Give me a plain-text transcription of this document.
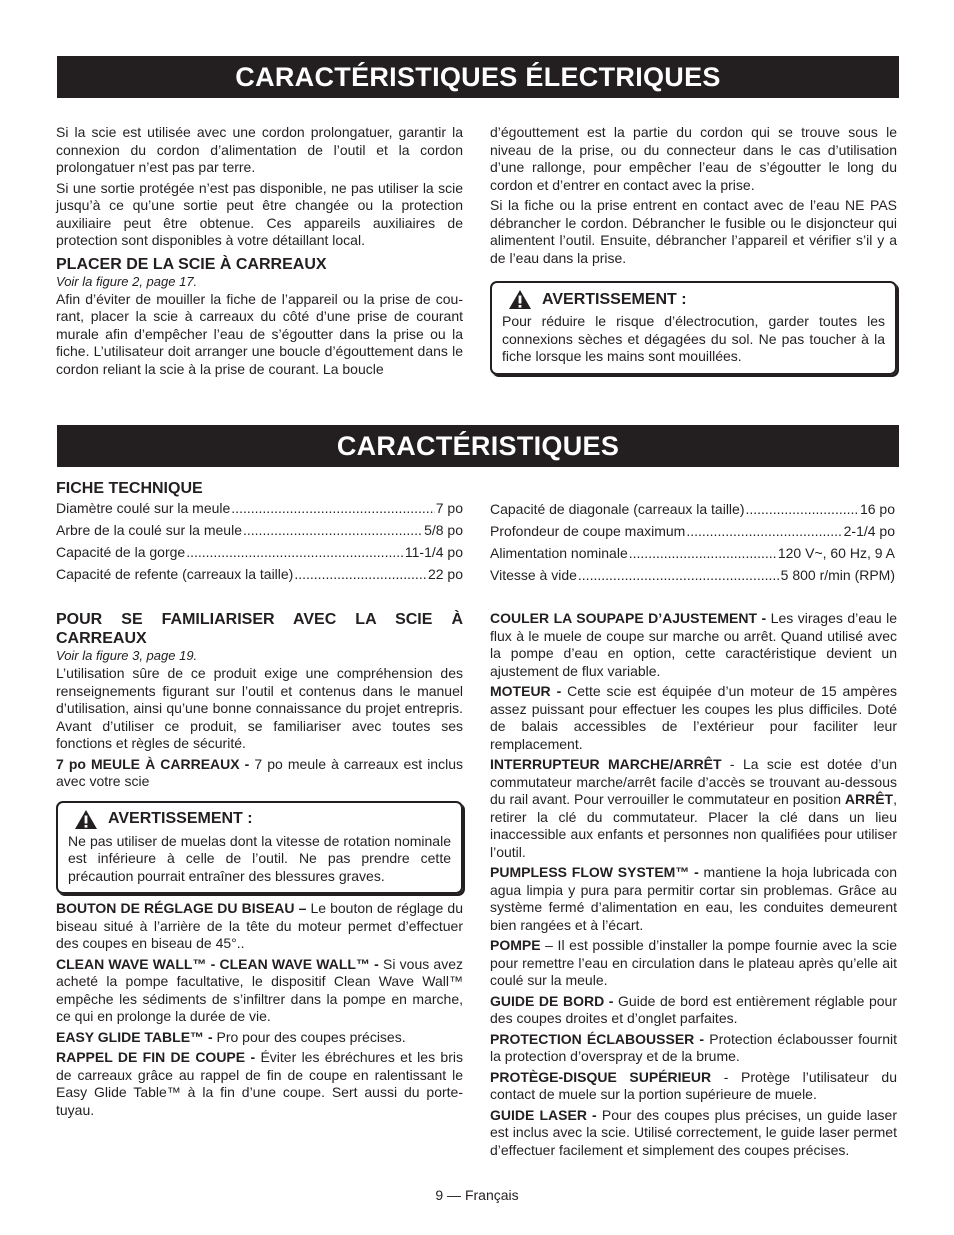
CARACTÉRISTIQUES ÉLECTRIQUES

Si la scie est utilisée avec une cordon prolongatuer, garantir la connexion du cordon d’alimentation de l’outil et la cordon prolongatuer n’est pas par terre.

Si une sortie protégée n’est pas disponible, ne pas utiliser la scie jusqu’à ce qu’une sortie peut être changée ou la protection auxiliaire peut être obtenue. Ces appareils auxiliaires de protection sont disponibles à votre détaillant local.

PLACER DE LA SCIE À CARREAUX
Voir la figure 2, page 17.

Afin d’éviter de mouiller la fiche de l’appareil ou la prise de cou-rant, placer la scie à carreaux du côté d’une prise de courant murale afin d’empêcher l’eau de s’égoutter dans la prise ou la fiche. L’utilisateur doit arranger une boucle d’égouttement dans le cordon reliant la scie à la prise de courant. La boucle

d’égouttement est la partie du cordon qui se trouve sous le niveau de la prise, ou du connecteur dans le cas d’utilisation d’une rallonge, pour empêcher l’eau de s’égoutter le long du cordon et d’entrer en contact avec la prise.

Si la fiche ou la prise entrent en contact avec de l’eau NE PAS débrancher le cordon. Débrancher le fusible ou le disjoncteur qui alimentent l’outil. Ensuite, débrancher l’appareil et vérifier s’il y a de l’eau dans la prise.

AVERTISSEMENT :

Pour réduire le risque d’électrocution, garder toutes les connexions sèches et dégagées du sol. Ne pas toucher à la fiche lorsque les mains sont mouillées.

CARACTÉRISTIQUES
FICHE TECHNIQUE
Diamètre coulé sur la meule .....	7 po
Arbre de la coulé sur la meule .....	5/8 po
Capacité de la gorge .....	11-1/4 po
Capacité de refente (carreaux la taille) .....	22 po
Capacité de diagonale (carreaux la taille) .....	16 po
Profondeur de coupe maximum .....	2-1/4 po
Alimentation nominale .....	120 V~, 60 Hz, 9 A
Vitesse à vide .....	5 800 r/min (RPM)
POUR SE FAMILIARISER AVEC LA SCIE À CARREAUX
Voir la figure 3, page 19.

L’utilisation sûre de ce produit exige une compréhension des renseignements figurant sur l’outil et contenus dans le manuel d’utilisation, ainsi qu’une bonne connaissance du projet entrepris. Avant d’utiliser ce produit, se familiariser avec toutes ses fonctions et règles de sécurité.

7 po MEULE À CARREAUX - 7 po meule à carreaux est inclus avec votre scie

AVERTISSEMENT :

Ne pas utiliser de muelas dont la vitesse de rotation nominale est inférieure à celle de l’outil. Ne pas prendre cette précaution pourrait entraîner des blessures graves.

BOUTON DE RÉGLAGE DU BISEAU – Le bouton de réglage du biseau situé à l’arrière de la tête du moteur permet d’effectuer des coupes en biseau de 45°..

CLEAN WAVE WALL™ - CLEAN WAVE WALL™ - Si vous avez acheté la pompe facultative, le dispositif Clean Wave Wall™ empêche les sédiments de s’infiltrer dans la pompe en marche, ce qui en prolonge la durée de vie.

EASY GLIDE TABLE™ - Pro pour des coupes précises.

RAPPEL DE FIN DE COUPE - Éviter les ébréchures et les bris de carreaux grâce au rappel de fin de coupe en ralentissant le Easy Glide Table™ à la fin d’une coupe. Sert aussi du porte-tuyau.

COULER LA SOUPAPE D’AJUSTEMENT - Les virages d’eau le flux à le muele de coupe sur marche ou arrêt. Quand utilisé avec la pompe d’eau en option, cette caractéristique devient un ajustement de flux variable.

MOTEUR - Cette scie est équipée d’un moteur de 15 ampères assez puissant pour effectuer les coupes les plus difficiles. Doté de balais accessibles de l’extérieur pour faciliter leur remplacement.

INTERRUPTEUR MARCHE/ARRÊT - La scie est dotée d’un commutateur marche/arrêt facile d’accès se trouvant au-dessous du rail avant. Pour verrouiller le commutateur en position ARRÊT, retirer la clé du commutateur. Placer la clé dans un lieu inaccessible aux enfants et personnes non qualifiées pour utiliser l’outil.

PUMPLESS FLOW SYSTEM™ - mantiene la hoja lubricada con agua limpia y pura para permitir cortar sin problemas. Grâce au système fermé d’alimentation en eau, les conduites demeurent bien rangées et à l’écart.

POMPE – Il est possible d’installer la pompe fournie avec la scie pour remettre l’eau en circulation dans le plateau après qu’elle ait coulé sur la meule.

GUIDE DE BORD - Guide de bord est entièrement réglable pour des coupes droites et d’onglet parfaites.

PROTECTION ÉCLABOUSSER - Protection éclabousser fournit la protection d’overspray et de la brume.

PROTÈGE-DISQUE SUPÉRIEUR - Protège l’utilisateur du contact de muele sur la portion supérieure de muele.

GUIDE LASER - Pour des coupes plus précises, un guide laser est inclus avec la scie. Utilisé correctement, le guide laser permet d’effectuer facilement et simplement des coupes précises.

9 — Français
